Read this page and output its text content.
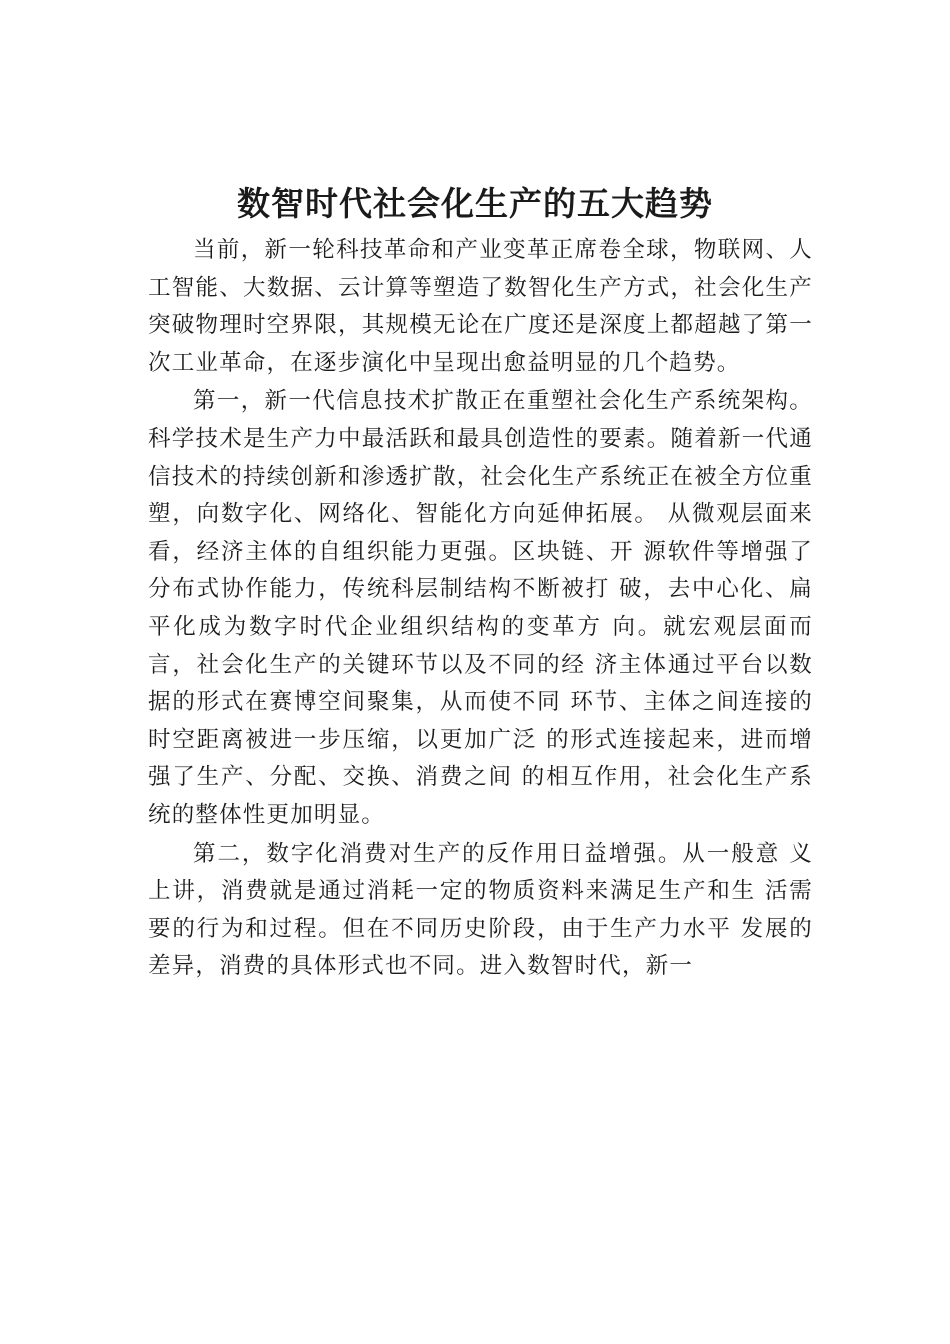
数智时代社会化生产的五大趋势

当前，新一轮科技革命和产业变革正席卷全球，物联网、人工智能、大数据、云计算等塑造了数智化生产方式，社会化生产突破物理时空界限，其规模无论在广度还是深度上都超越了第一次工业革命，在逐步演化中呈现出愈益明显的几个趋势。

第一，新一代信息技术扩散正在重塑社会化生产系统架构。科学技术是生产力中最活跃和最具创造性的要素。随着新一代通信技术的持续创新和渗透扩散，社会化生产系统正在被全方位重塑，向数字化、网络化、智能化方向延伸拓展。 从微观层面来看，经济主体的自组织能力更强。区块链、开 源软件等增强了分布式协作能力，传统科层制结构不断被打 破，去中心化、扁平化成为数字时代企业组织结构的变革方 向。就宏观层面而言，社会化生产的关键环节以及不同的经 济主体通过平台以数据的形式在赛博空间聚集，从而使不同 环节、主体之间连接的时空距离被进一步压缩，以更加广泛 的形式连接起来，进而增强了生产、分配、交换、消费之间 的相互作用，社会化生产系统的整体性更加明显。

第二，数字化消费对生产的反作用日益增强。从一般意 义上讲，消费就是通过消耗一定的物质资料来满足生产和生 活需要的行为和过程。但在不同历史阶段，由于生产力水平 发展的差异，消费的具体形式也不同。进入数智时代，新一
